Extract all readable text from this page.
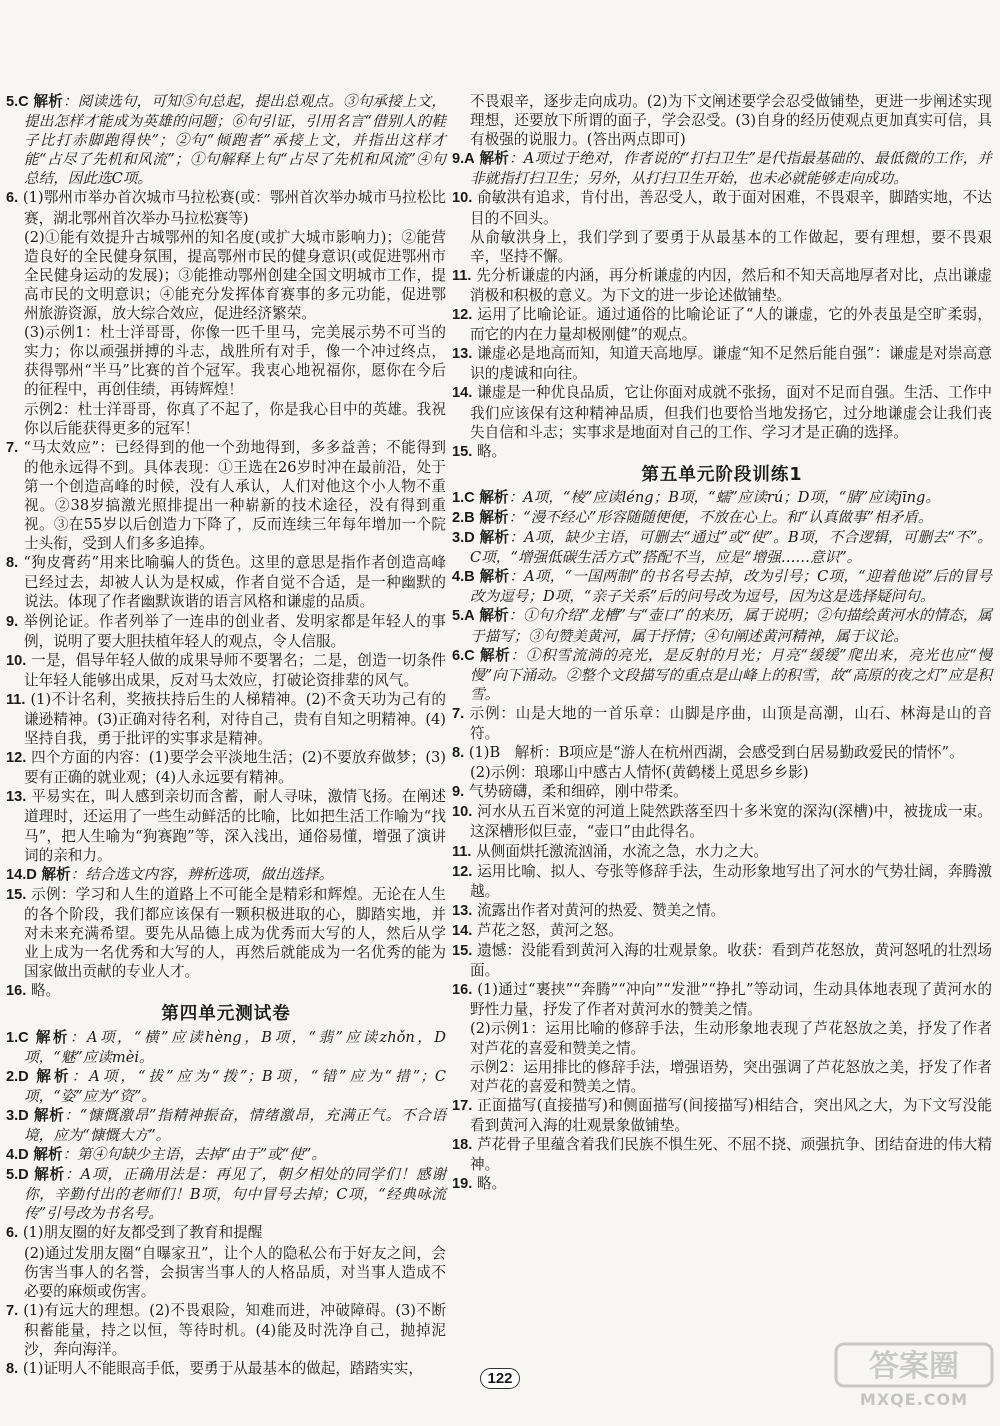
5.C 解析：阅读选句，可知⑤句总起，提出总观点。③句承接上文，提出怎样才能成为英雄的问题；⑥句引证，引用名言“借别人的鞋子比打赤脚跑得快”；②句“倾跑者”承接上文，并指出这样才能“占尽了先机和风流”；①句解释上句“占尽了先机和风流”④句总结，因此选C项。

6. (1)鄂州市举办首次城市马拉松赛(或：鄂州首次举办城市马拉松比赛，湖北鄂州首次举办马拉松赛等)

(2)①能有效提升古城鄂州的知名度(或扩大城市影响力)；②能营造良好的全民健身氛围，提高鄂州市民的健身意识(或促进鄂州市全民健身运动的发展)；③能推动鄂州创建全国文明城市工作，提高市民的文明意识；④能充分发挥体育赛事的多元功能，促进鄂州旅游资源，放大综合效应，促进经济繁荣。

(3)示例1：杜士洋哥哥，你像一匹千里马，完美展示势不可当的实力；你以顽强拼搏的斗志，战胜所有对手，像一个冲过终点，获得鄂州“半马”比赛的首个冠军。我衷心地祝福你，愿你在今后的征程中，再创佳绩，再铸辉煌！

示例2：杜士洋哥哥，你真了不起了，你是我心目中的英雄。我祝你以后能获得更多的冠军！

7. “马太效应”：已经得到的他一个劲地得到，多多益善；不能得到的他永远得不到。具体表现：①王选在26岁时冲在最前沿，处于第一个创造高峰的时候，没有人承认，人们对他这个小人物不重视。②38岁搞激光照排提出一种崭新的技术途径，没有得到重视。③在55岁以后创造力下降了，反而连续三年每年增加一个院士头衔，受到人们多多追捧。

8. “狗皮膏药”用来比喻骗人的货色。这里的意思是指作者创造高峰已经过去，却被人认为是权威，作者自觉不合适，是一种幽默的说法。体现了作者幽默诙谐的语言风格和谦虚的品质。

9. 举例论证。作者列举了一连串的创业者、发明家都是年轻人的事例，说明了要大胆扶植年轻人的观点，令人信服。

10. 一是，倡导年轻人做的成果导师不要署名；二是，创造一切条件让年轻人能够出成果，反对马太效应，打破论资排辈的风气。

11. (1)不计名利，奖掖扶持后生的人梯精神。(2)不贪天功为己有的谦逊精神。(3)正确对待名利，对待自己，贵有自知之明精神。(4)坚持自我，勇于批评的实事求是精神。

12. 四个方面的内容：(1)要学会平淡地生活；(2)不要放弃做梦；(3)要有正确的就业观；(4)人永远要有精神。

13. 平易实在，叫人感到亲切而含蓄，耐人寻味，激情飞扬。在阐述道理时，还运用了一些生动鲜活的比喻，比如把生活工作喻为“找马”，把人生喻为“狗赛跑”等，深入浅出，通俗易懂，增强了演讲词的亲和力。

14.D 解析：结合选文内容，辨析选项，做出选择。

15. 示例：学习和人生的道路上不可能全是精彩和辉煌。无论在人生的各个阶段，我们都应该保有一颗积极进取的心，脚踏实地，并对未来充满希望。要先从品德上成为优秀而大写的人，然后从学业上成为一名优秀和大写的人，再然后就能成为一名优秀的能为国家做出贡献的专业人才。

16. 略。

第四单元测试卷

1.C 解析：A项，“横”应读hèng，B项，“翡”应读zhǒn，D项，“魅”应读mèi。

2.D 解析：A项，“拔”应为“拨”；B项，“错”应为“措”；C项，“姿”应为“资”。

3.D 解析：“慷慨激昂”指精神振奋，情绪激昂，充满正气。不合语境，应为“慷慨大方”。

4.D 解析：第④句缺少主语，去掉“由于”或“使”。

5.D 解析：A项，正确用法是：再见了，朝夕相处的同学们！感谢你，辛勤付出的老师们！B项，句中冒号去掉；C项，“经典咏流传”引号改为书名号。

6. (1)朋友圈的好友都受到了教育和提醒

(2)通过发朋友圈“自曝家丑”，让个人的隐私公布于好友之间，会伤害当事人的名誉，会损害当事人的人格品质，对当事人造成不必要的麻烦或伤害。

7. (1)有远大的理想。(2)不畏艰险，知难而进，冲破障碍。(3)不断积蓄能量，持之以恒，等待时机。(4)能及时洗净自己，抛掉泥沙，奔向海洋。

8. (1)证明人不能眼高手低，要勇于从最基本的做起，踏踏实实，

不畏艰辛，逐步走向成功。(2)为下文阐述要学会忍受做铺垫，更进一步阐述实现理想，还要放下所谓的面子，学会忍受。(3)自身的经历使观点更加真实可信，具有极强的说服力。(答出两点即可)

9.A 解析：A项过于绝对，作者说的“打扫卫生”是代指最基础的、最低微的工作，并非就指打扫卫生；另外，从打扫卫生开始，也未必就能够走向成功。

10. 俞敏洪有追求，肯付出，善忍受人，敢于面对困难，不畏艰辛，脚踏实地，不达目的不回头。

从俞敏洪身上，我们学到了要勇于从最基本的工作做起，要有理想，要不畏艰辛，坚持不懈。

11. 先分析谦虚的内涵，再分析谦虚的内因，然后和不知天高地厚者对比，点出谦虚消极和积极的意义。为下文的进一步论述做铺垫。

12. 运用了比喻论证。通过通俗的比喻论证了“人的谦虚，它的外表虽是空旷柔弱，而它的内在力量却极刚健”的观点。

13. 谦虚必是地高而知，知道天高地厚。谦虚“知不足然后能自强”：谦虚是对崇高意识的虔诚和向往。

14. 谦虚是一种优良品质，它让你面对成就不张扬，面对不足而自强。生活、工作中我们应该保有这种精神品质，但我们也要恰当地发扬它，过分地谦虚会让我们丧失自信和斗志；实事求是地面对自己的工作、学习才是正确的选择。

15. 略。

第五单元阶段训练1

1.C 解析：A项，“棱”应读léng；B项，“蠕”应读rú；D项，“腈”应读jīng。

2.B 解析：“漫不经心”形容随随便便，不放在心上。和“认真做事”相矛盾。

3.D 解析：A项，缺少主语，可删去“通过”或“使”。B项，不合逻辑，可删去“不”。C项，“增强低碳生活方式”搭配不当，应是“增强……意识”。

4.B 解析：A项，“一国两制”的书名号去掉，改为引号；C项，“迎着他说”后的冒号改为逗号；D项，“亲子关系”后的问号改为逗号，因为这是选择疑问句。

5.A 解析：①句介绍“龙槽”与“壶口”的来历，属于说明；②句描绘黄河水的情态，属于描写；③句赞美黄河，属于抒情；④句阐述黄河精神，属于议论。

6.C 解析：①积雪流淌的亮光，是反射的月光；月亮“缓缓”爬出来，亮光也应“慢慢”向下涌动。②整个文段描写的重点是山峰上的积雪，故“高原的夜之灯”应是积雪。

7. 示例：山是大地的一首乐章：山脚是序曲，山顶是高潮，山石、林海是山的音符。

8. (1)B　解析：B项应是“游人在杭州西湖，会感受到白居易勤政爱民的情怀”。

(2)示例：琅琊山中感古人情怀(黄鹤楼上觅思乡乡影)

9. 气势磅礴，柔和细碎，刚中带柔。

10. 河水从五百米宽的河道上陡然跌落至四十多米宽的深沟(深槽)中，被拢成一束。这深槽形似巨壶，“壶口”由此得名。

11. 从侧面烘托激流汹涌，水流之急，水力之大。

12. 运用比喻、拟人、夸张等修辞手法，生动形象地写出了河水的气势壮阔，奔腾激越。

13. 流露出作者对黄河的热爱、赞美之情。

14. 芦花之怒，黄河之怒。

15. 遗憾：没能看到黄河入海的壮观景象。收获：看到芦花怒放，黄河怒吼的壮烈场面。

16. (1)通过“裹挟”“奔腾”“冲向”“发泄”“挣扎”等动词，生动具体地表现了黄河水的野性力量，抒发了作者对黄河水的赞美之情。

(2)示例1：运用比喻的修辞手法，生动形象地表现了芦花怒放之美，抒发了作者对芦花的喜爱和赞美之情。

示例2：运用排比的修辞手法，增强语势，突出强调了芦花怒放之美，抒发了作者对芦花的喜爱和赞美之情。

17. 正面描写(直接描写)和侧面描写(间接描写)相结合，突出风之大，为下文写没能看到黄河入海的壮观景象做铺垫。

18. 芦花骨子里蕴含着我们民族不惧生死、不屈不挠、顽强抗争、团结奋进的伟大精神。

19. 略。

122	答案圈
MXQE.COM
